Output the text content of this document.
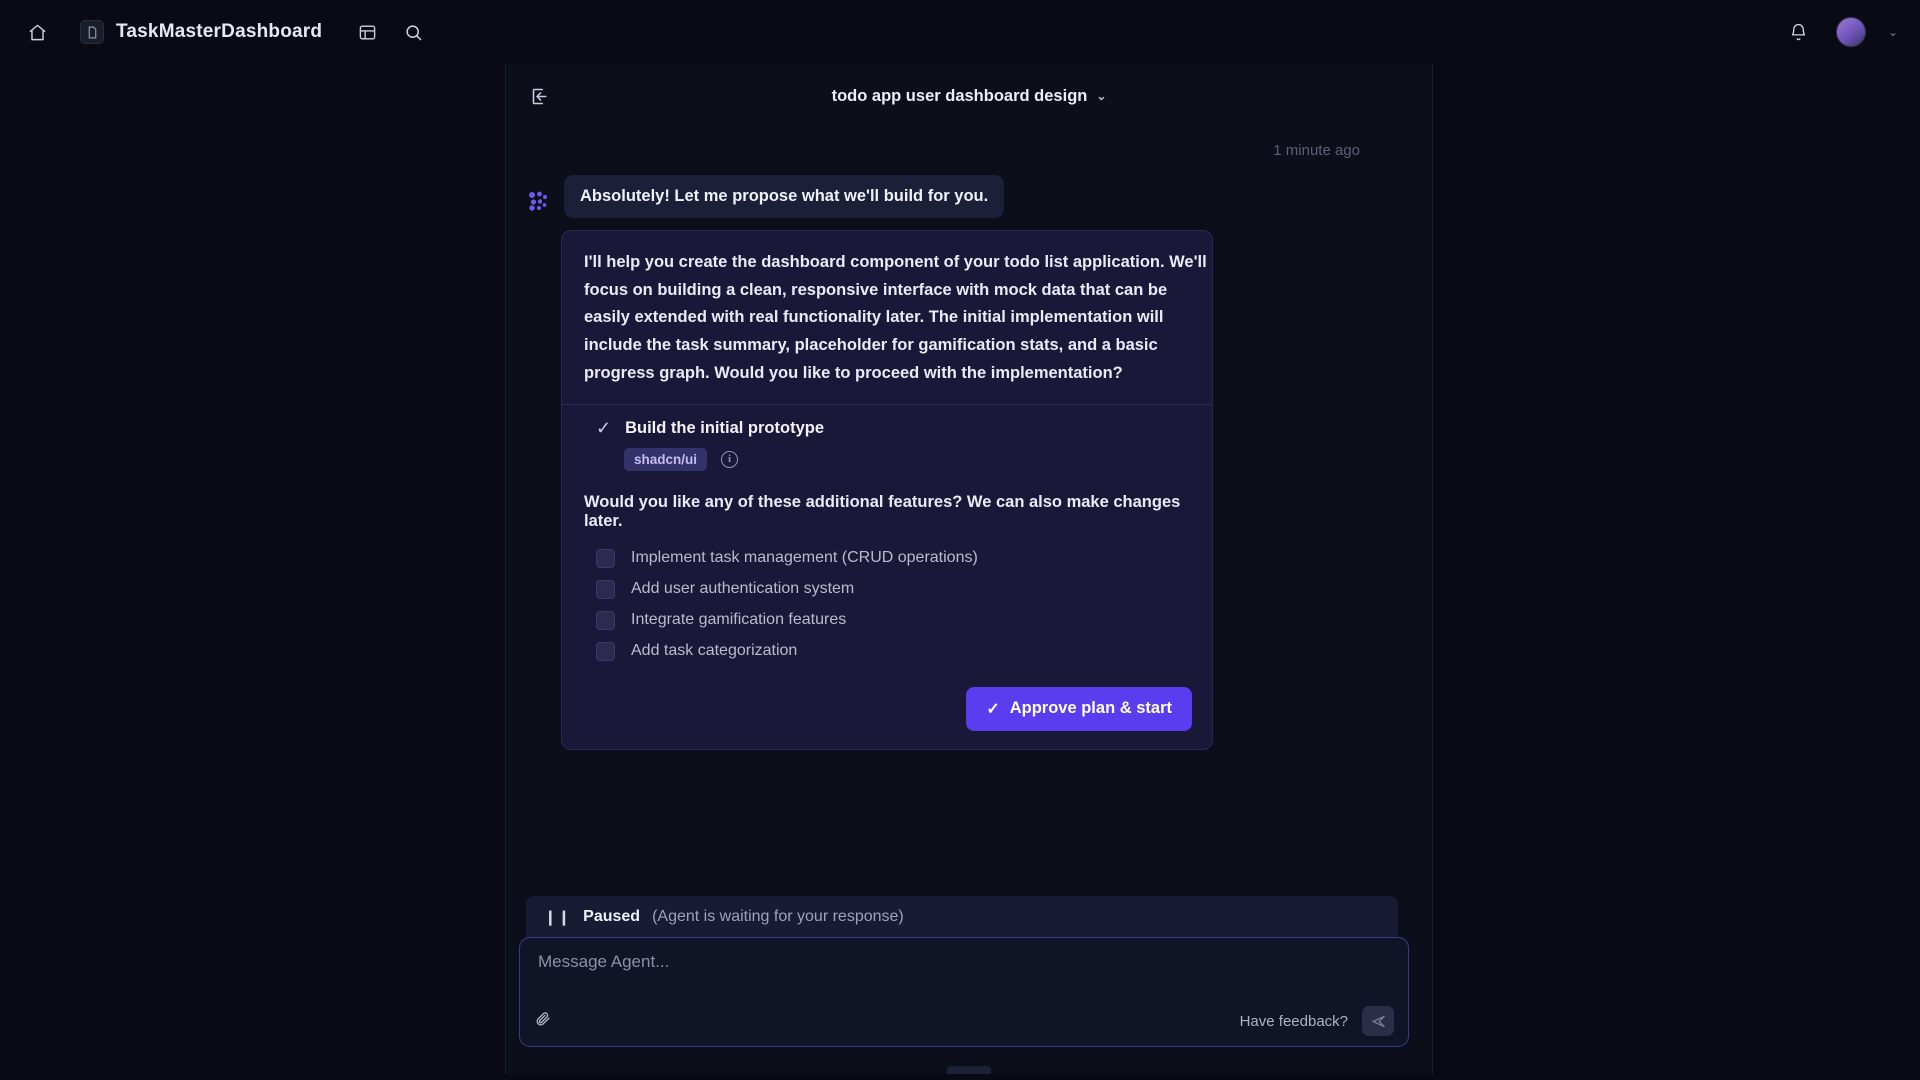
TaskMasterDashboard	⌄
todo app user dashboard design ⌄
1 minute ago
Absolutely! Let me propose what we'll build for you.
I'll help you create the dashboard component of your todo list application. We'll focus on building a clean, responsive interface with mock data that can be easily extended with real functionality later. The initial implementation will include the task summary, placeholder for gamification stats, and a basic progress graph. Would you like to proceed with the implementation?
✓ Build the initial prototype
shadcn/ui	i
Would you like any of these additional features? We can also make changes later.
Implement task management (CRUD operations)
Add user authentication system
Integrate gamification features
Add task categorization
✓ Approve plan & start
❙❙ Paused (Agent is waiting for your response)
Message Agent...
Have feedback?
